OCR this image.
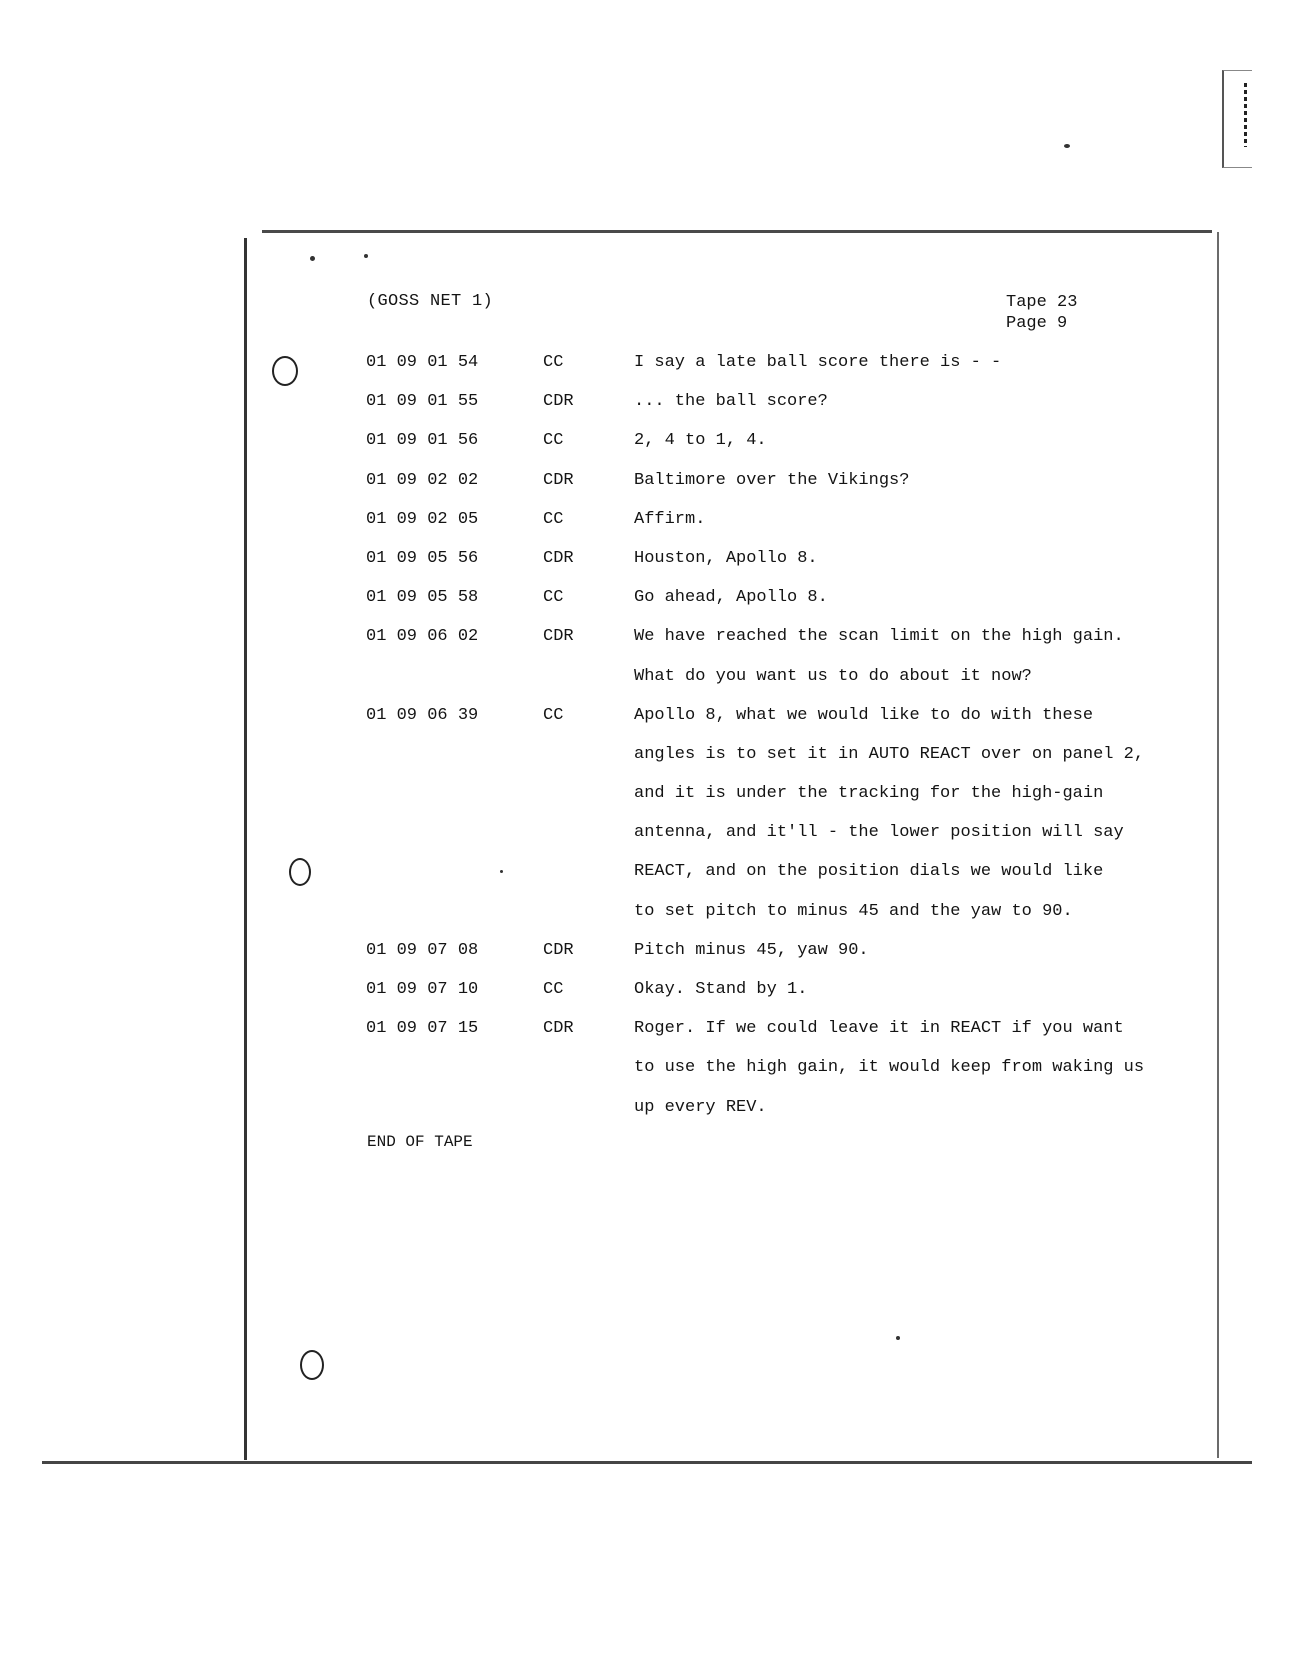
(GOSS NET 1)	Tape 23
Page 9
01 09 01 54	CC	I say a late ball score there is - -
01 09 01 55	CDR	... the ball score?
01 09 01 56	CC	2, 4 to 1, 4.
01 09 02 02	CDR	Baltimore over the Vikings?
01 09 02 05	CC	Affirm.
01 09 05 56	CDR	Houston, Apollo 8.
01 09 05 58	CC	Go ahead, Apollo 8.
01 09 06 02	CDR	We have reached the scan limit on the high gain.
What do you want us to do about it now?
01 09 06 39	CC	Apollo 8, what we would like to do with these
angles is to set it in AUTO REACT over on panel 2,
and it is under the tracking for the high-gain
antenna, and it'll - the lower position will say
REACT, and on the position dials we would like
to set pitch to minus 45 and the yaw to 90.
01 09 07 08	CDR	Pitch minus 45, yaw 90.
01 09 07 10	CC	Okay. Stand by 1.
01 09 07 15	CDR	Roger. If we could leave it in REACT if you want
to use the high gain, it would keep from waking us
up every REV.
END OF TAPE
